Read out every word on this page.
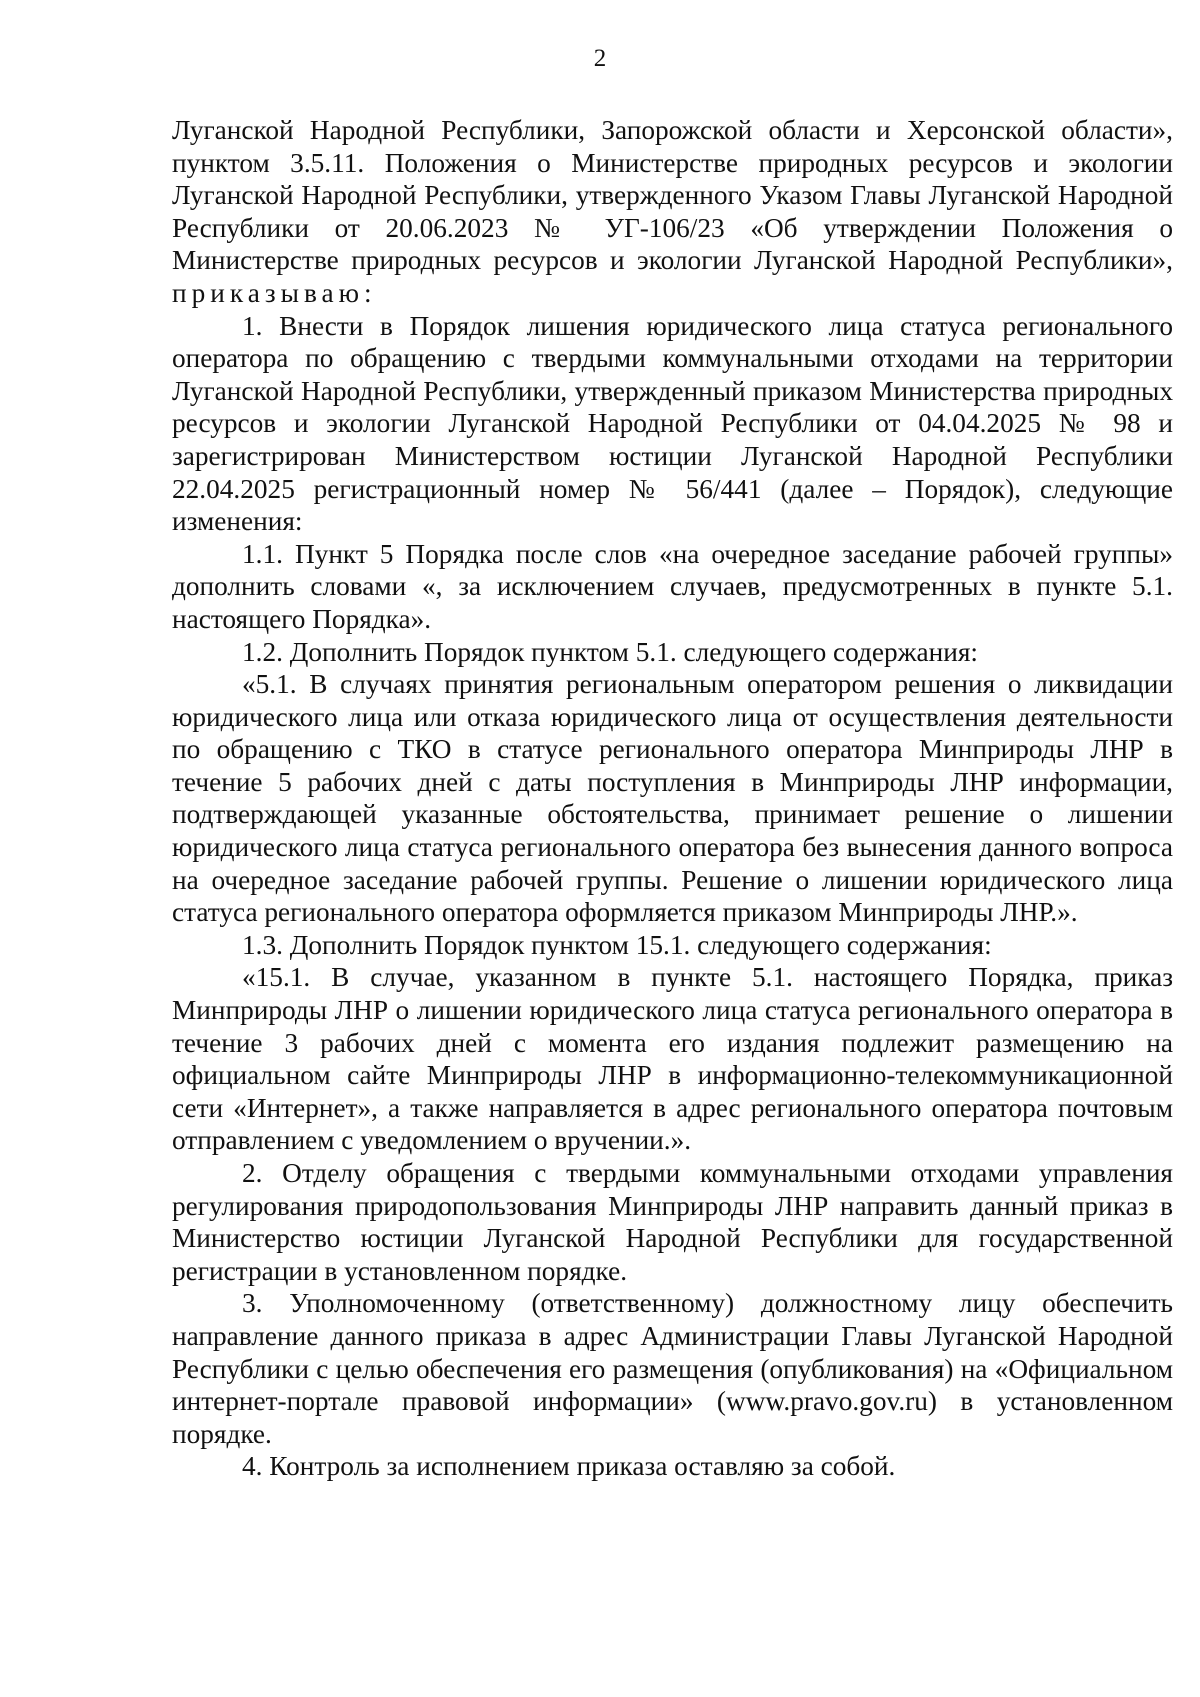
2

Луганской Народной Республики, Запорожской области и Херсонской области», пунктом 3.5.11. Положения о Министерстве природных ресурсов и экологии Луганской Народной Республики, утвержденного Указом Главы Луганской Народной Республики от 20.06.2023 № УГ-106/23 «Об утверждении Положения о Министерстве природных ресурсов и экологии Луганской Народной Республики», приказываю:

1. Внести в Порядок лишения юридического лица статуса регионального оператора по обращению с твердыми коммунальными отходами на территории Луганской Народной Республики, утвержденный приказом Министерства природных ресурсов и экологии Луганской Народной Республики от 04.04.2025 № 98 и зарегистрирован Министерством юстиции Луганской Народной Республики 22.04.2025 регистрационный номер № 56/441 (далее – Порядок), следующие изменения:

1.1. Пункт 5 Порядка после слов «на очередное заседание рабочей группы» дополнить словами «, за исключением случаев, предусмотренных в пункте 5.1. настоящего Порядка».

1.2. Дополнить Порядок пунктом 5.1. следующего содержания:

«5.1. В случаях принятия региональным оператором решения о ликвидации юридического лица или отказа юридического лица от осуществления деятельности по обращению с ТКО в статусе регионального оператора Минприроды ЛНР в течение 5 рабочих дней с даты поступления в Минприроды ЛНР информации, подтверждающей указанные обстоятельства, принимает решение о лишении юридического лица статуса регионального оператора без вынесения данного вопроса на очередное заседание рабочей группы. Решение о лишении юридического лица статуса регионального оператора оформляется приказом Минприроды ЛНР.».

1.3. Дополнить Порядок пунктом 15.1. следующего содержания:

«15.1. В случае, указанном в пункте 5.1. настоящего Порядка, приказ Минприроды ЛНР о лишении юридического лица статуса регионального оператора в течение 3 рабочих дней с момента его издания подлежит размещению на официальном сайте Минприроды ЛНР в информационно-телекоммуникационной сети «Интернет», а также направляется в адрес регионального оператора почтовым отправлением с уведомлением о вручении.».

2. Отделу обращения с твердыми коммунальными отходами управления регулирования природопользования Минприроды ЛНР направить данный приказ в Министерство юстиции Луганской Народной Республики для государственной регистрации в установленном порядке.

3. Уполномоченному (ответственному) должностному лицу обеспечить направление данного приказа в адрес Администрации Главы Луганской Народной Республики с целью обеспечения его размещения (опубликования) на «Официальном интернет-портале правовой информации» (www.pravo.gov.ru) в установленном порядке.

4. Контроль за исполнением приказа оставляю за собой.
